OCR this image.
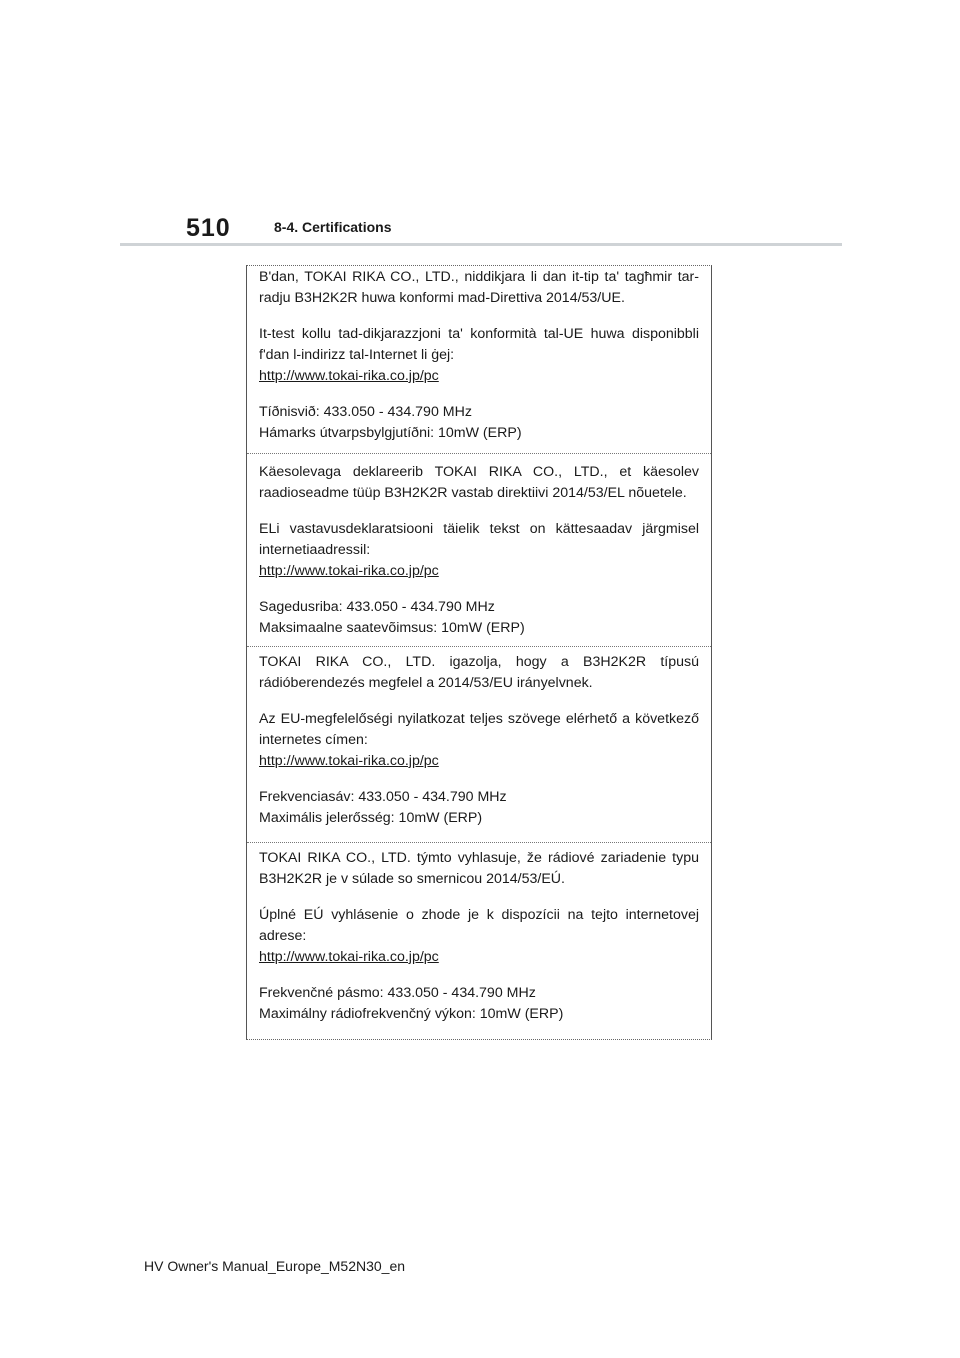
510	8-4. Certifications

B'dan, TOKAI RIKA CO., LTD., niddikjara li dan it-tip ta' tagħmir tar-radju B3H2K2R huwa konformi mad-Direttiva 2014/53/UE.

It-test kollu tad-dikjarazzjoni ta' konformità tal-UE huwa disponibbli f'dan l-indirizz tal-Internet li ġej:
http://www.tokai-rika.co.jp/pc

Tíðnisvið: 433.050 - 434.790 MHz
Hámarks útvarpsbylgjutíðni: 10mW (ERP)

Käesolevaga deklareerib TOKAI RIKA CO., LTD., et käesolev raadioseadme tüüp B3H2K2R vastab direktiivi 2014/53/EL nõuetele.

ELi vastavusdeklaratsiooni täielik tekst on kättesaadav järgmisel internetiaadressil:
http://www.tokai-rika.co.jp/pc

Sagedusriba: 433.050 - 434.790 MHz
Maksimaalne saatevõimsus: 10mW (ERP)

TOKAI RIKA CO., LTD. igazolja, hogy a B3H2K2R típusú rádióberendezés megfelel a 2014/53/EU irányelvnek.

Az EU-megfelelőségi nyilatkozat teljes szövege elérhető a következő internetes címen:
http://www.tokai-rika.co.jp/pc

Frekvenciasáv: 433.050 - 434.790 MHz
Maximális jelerősség: 10mW (ERP)

TOKAI RIKA CO., LTD. týmto vyhlasuje, že rádiové zariadenie typu B3H2K2R je v súlade so smernicou 2014/53/EÚ.

Úplné EÚ vyhlásenie o zhode je k dispozícii na tejto internetovej adrese:
http://www.tokai-rika.co.jp/pc

Frekvenčné pásmo: 433.050 - 434.790 MHz
Maximálny rádiofrekvenčný výkon: 10mW (ERP)

HV Owner's Manual_Europe_M52N30_en
